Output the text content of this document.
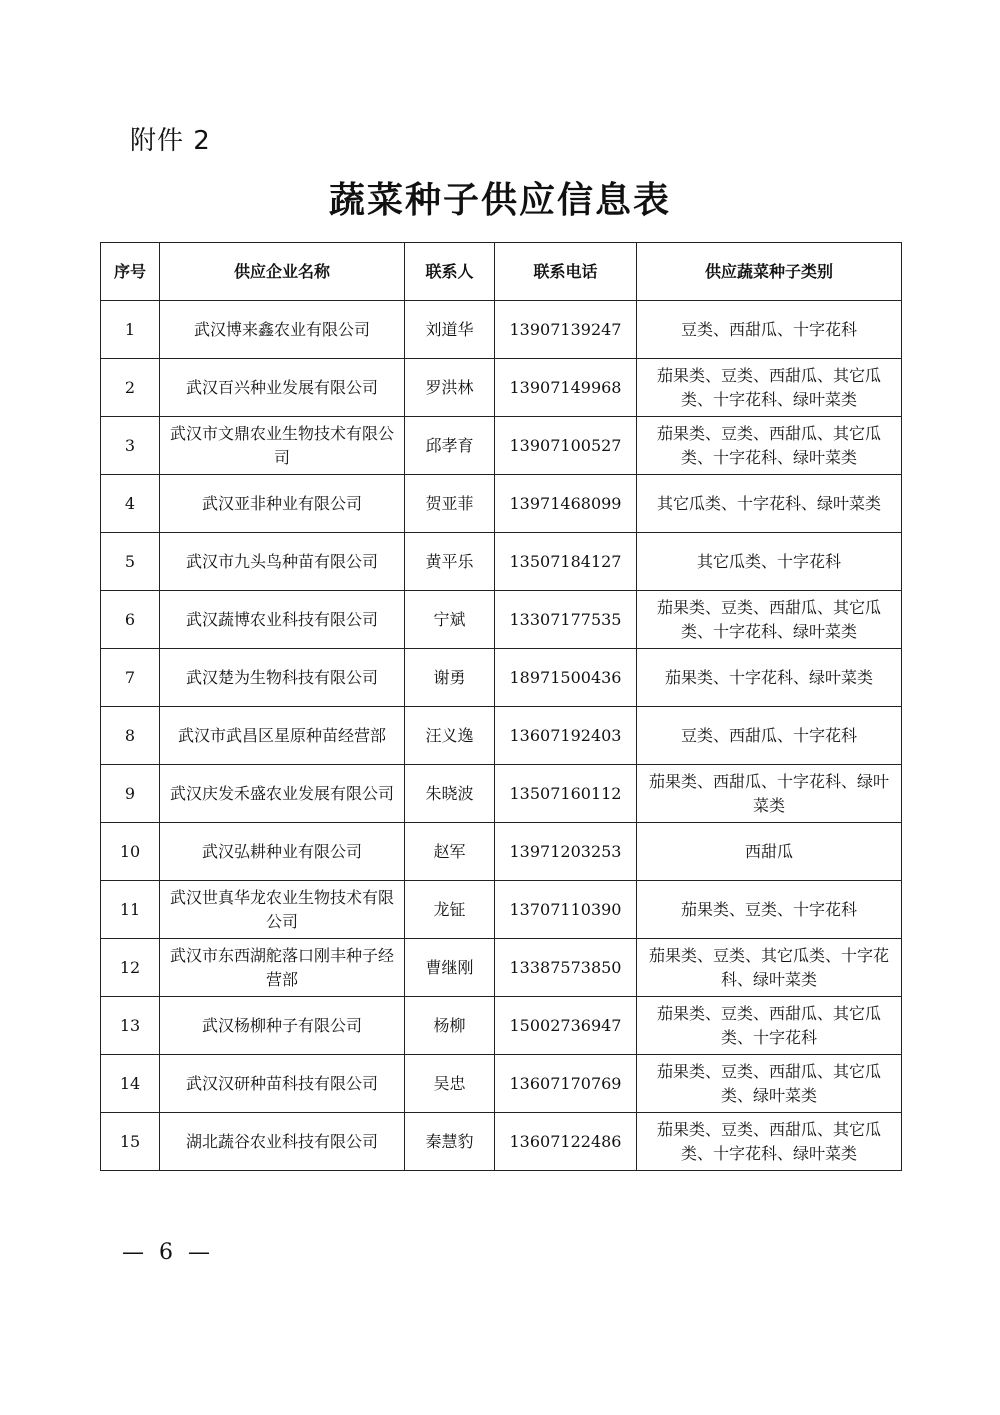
附件 2
蔬菜种子供应信息表
序号	供应企业名称	联系人	联系电话	供应蔬菜种子类别
1	武汉博来鑫农业有限公司	刘道华	13907139247	豆类、西甜瓜、十字花科
2	武汉百兴种业发展有限公司	罗洪林	13907149968	茄果类、豆类、西甜瓜、其它瓜类、十字花科、绿叶菜类
3	武汉市文鼎农业生物技术有限公司	邱孝育	13907100527	茄果类、豆类、西甜瓜、其它瓜类、十字花科、绿叶菜类
4	武汉亚非种业有限公司	贺亚菲	13971468099	其它瓜类、十字花科、绿叶菜类
5	武汉市九头鸟种苗有限公司	黄平乐	13507184127	其它瓜类、十字花科
6	武汉蔬博农业科技有限公司	宁斌	13307177535	茄果类、豆类、西甜瓜、其它瓜类、十字花科、绿叶菜类
7	武汉楚为生物科技有限公司	谢勇	18971500436	茄果类、十字花科、绿叶菜类
8	武汉市武昌区星原种苗经营部	汪义逸	13607192403	豆类、西甜瓜、十字花科
9	武汉庆发禾盛农业发展有限公司	朱晓波	13507160112	茄果类、西甜瓜、十字花科、绿叶菜类
10	武汉弘耕种业有限公司	赵军	13971203253	西甜瓜
11	武汉世真华龙农业生物技术有限公司	龙钲	13707110390	茄果类、豆类、十字花科
12	武汉市东西湖舵落口刚丰种子经营部	曹继刚	13387573850	茄果类、豆类、其它瓜类、十字花科、绿叶菜类
13	武汉杨柳种子有限公司	杨柳	15002736947	茄果类、豆类、西甜瓜、其它瓜类、十字花科
14	武汉汉研种苗科技有限公司	吴忠	13607170769	茄果类、豆类、西甜瓜、其它瓜类、绿叶菜类
15	湖北蔬谷农业科技有限公司	秦慧豹	13607122486	茄果类、豆类、西甜瓜、其它瓜类、十字花科、绿叶菜类
— 6 —
